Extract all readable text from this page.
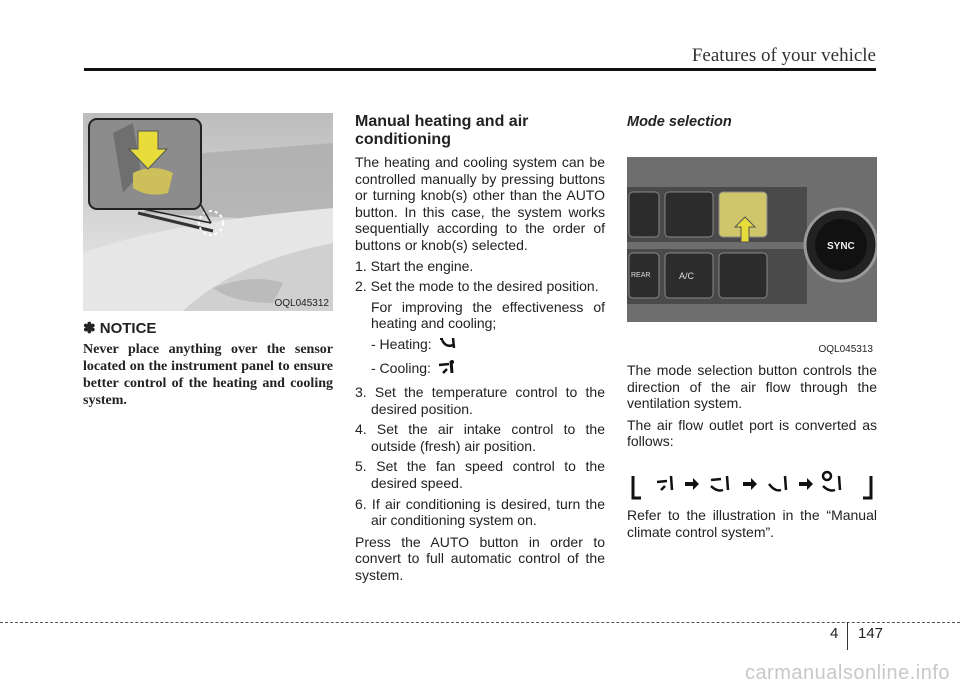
Features of your vehicle
OQL045312
✽ NOTICE
Never place anything over the sensor located on the instrument panel to ensure better control of the heating and cooling system.
Manual heating and air conditioning

The heating and cooling system can be controlled manually by pressing buttons or turning knob(s) other than the AUTO button. In this case, the system works sequentially according to the order of buttons or knob(s) selected.

1. Start the engine.
2. Set the mode to the desired position.
For improving the effectiveness of heating and cooling;
- Heating:
- Cooling:
3. Set the temperature control to the desired position.
4. Set the air intake control to the outside (fresh) air position.
5. Set the fan speed control to the desired speed.
6. If air conditioning is desired, turn the air conditioning system on.

Press the AUTO button in order to convert to full automatic control of the system.

Mode selection
REAR	A/C
SYNC
OQL045313

The mode selection button controls the direction of the air flow through the ventilation system.

The air flow outlet port is converted as follows:

Refer to the illustration in the “Manual climate control system”.

4 147
carmanualsonline.info
